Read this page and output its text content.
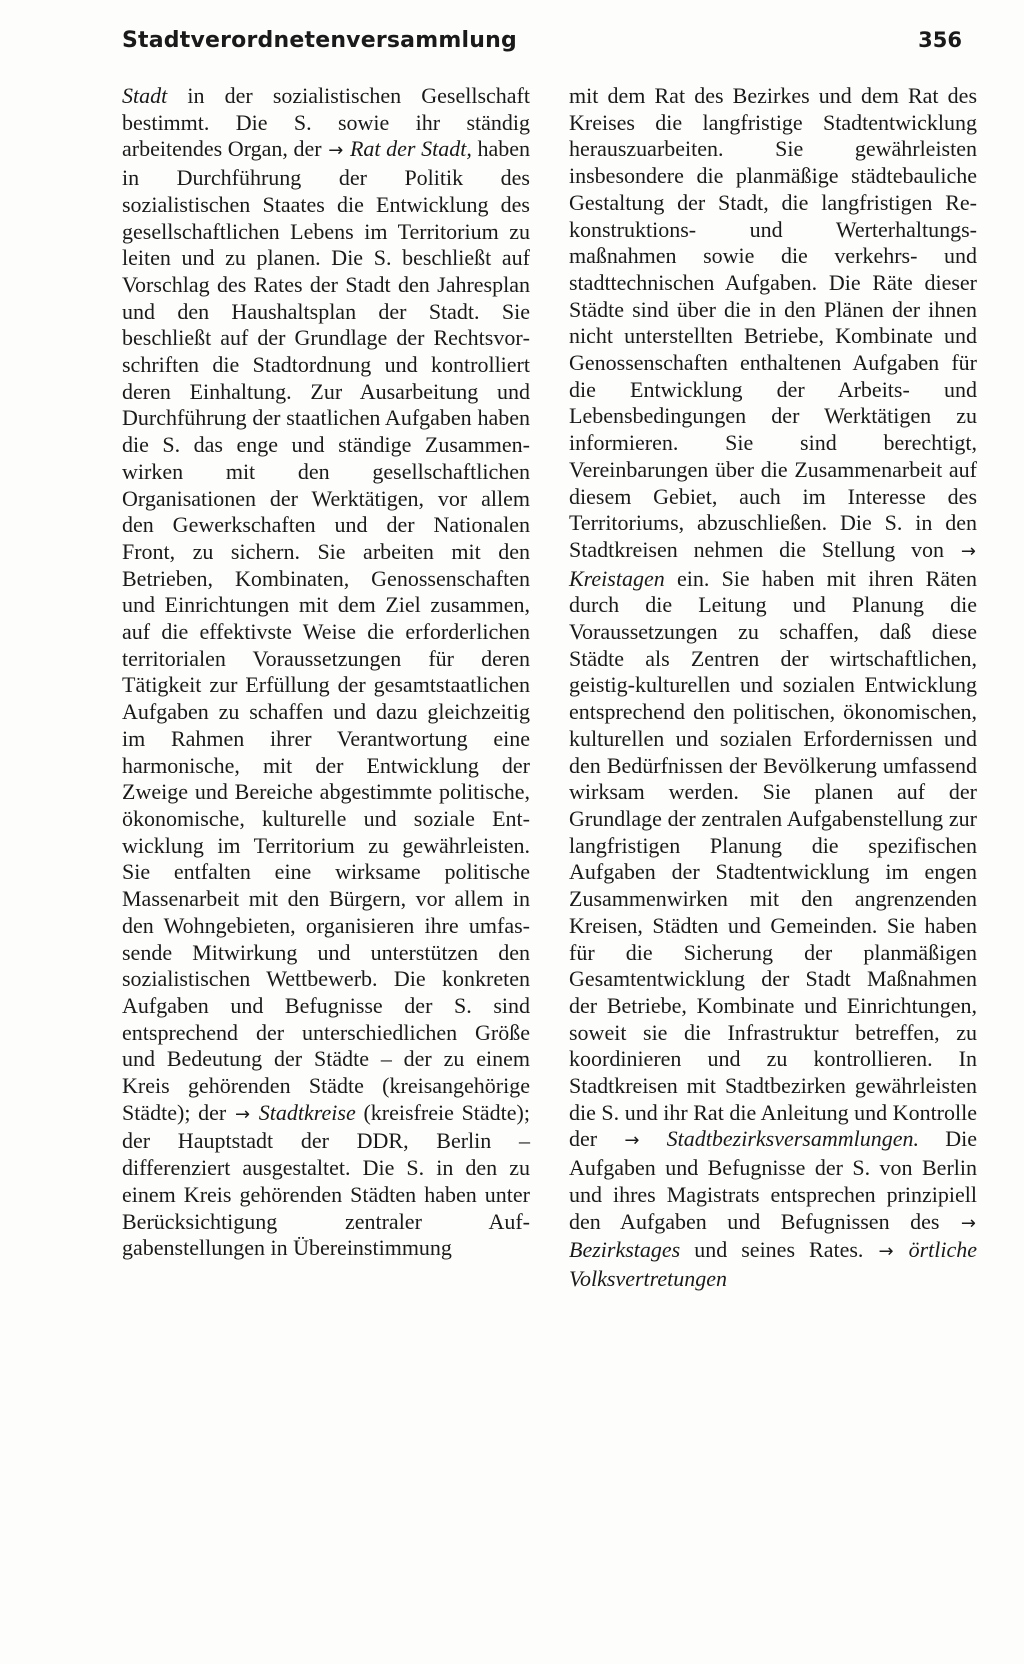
Stadtverordnetenversammlung	356

Stadt in der sozialistischen Gesellschaft bestimmt. Die S. sowie ihr ständig arbeitendes Organ, der → Rat der Stadt, haben in Durchführung der Politik des sozialistischen Staates die Entwicklung des gesellschaftlichen Lebens im Territorium zu leiten und zu planen. Die S. beschließt auf Vorschlag des Rates der Stadt den Jahresplan und den Haushaltsplan der Stadt. Sie beschließt auf der Grundlage der Rechtsvorschriften die Stadtordnung und kontrolliert deren Einhaltung. Zur Ausarbeitung und Durchführung der staatlichen Aufgaben haben die S. das enge und ständige Zusammenwirken mit den gesellschaftlichen Organisationen der Werktätigen, vor allem den Gewerkschaften und der Nationalen Front, zu sichern. Sie arbeiten mit den Betrieben, Kombinaten, Genossenschaften und Einrichtungen mit dem Ziel zusammen, auf die effektivste Weise die erforderlichen territorialen Voraussetzungen für deren Tätigkeit zur Erfüllung der gesamtstaatlichen Aufgaben zu schaffen und dazu gleichzeitig im Rahmen ihrer Verantwortung eine harmonische, mit der Entwicklung der Zweige und Bereiche abgestimmte politische, ökonomische, kulturelle und soziale Entwicklung im Territorium zu gewährleisten. Sie entfalten eine wirksame politische Massenarbeit mit den Bürgern, vor allem in den Wohngebieten, organisieren ihre umfassende Mitwirkung und unterstützen den sozialistischen Wettbewerb. Die konkreten Aufgaben und Befugnisse der S. sind entsprechend der unterschiedlichen Größe und Bedeutung der Städte – der zu einem Kreis gehörenden Städte (kreisangehörige Städte); der → Stadtkreise (kreisfreie Städte); der Hauptstadt der DDR, Berlin – differenziert ausgestaltet. Die S. in den zu einem Kreis gehörenden Städten haben unter Berücksichtigung zentraler Aufgabenstellungen in Übereinstimmung

mit dem Rat des Bezirkes und dem Rat des Kreises die langfristige Stadtentwicklung herauszuarbeiten. Sie gewährleisten insbesondere die planmäßige städtebauliche Gestaltung der Stadt, die langfristigen Rekonstruktions- und Werterhaltungsmaßnahmen sowie die verkehrs- und stadttechnischen Aufgaben. Die Räte dieser Städte sind über die in den Plänen der ihnen nicht unterstellten Betriebe, Kombinate und Genossenschaften enthaltenen Aufgaben für die Entwicklung der Arbeits- und Lebensbedingungen der Werktätigen zu informieren. Sie sind berechtigt, Vereinbarungen über die Zusammenarbeit auf diesem Gebiet, auch im Interesse des Territoriums, abzuschließen. Die S. in den Stadtkreisen nehmen die Stellung von → Kreistagen ein. Sie haben mit ihren Räten durch die Leitung und Planung die Voraussetzungen zu schaffen, daß diese Städte als Zentren der wirtschaftlichen, geistig-kulturellen und sozialen Entwicklung entsprechend den politischen, ökonomischen, kulturellen und sozialen Erfordernissen und den Bedürfnissen der Bevölkerung umfassend wirksam werden. Sie planen auf der Grundlage der zentralen Aufgabenstellung zur langfristigen Planung die spezifischen Aufgaben der Stadtentwicklung im engen Zusammenwirken mit den angrenzenden Kreisen, Städten und Gemeinden. Sie haben für die Sicherung der planmäßigen Gesamtentwicklung der Stadt Maßnahmen der Betriebe, Kombinate und Einrichtungen, soweit sie die Infrastruktur betreffen, zu koordinieren und zu kontrollieren. In Stadtkreisen mit Stadtbezirken gewährleisten die S. und ihr Rat die Anleitung und Kontrolle der → Stadtbezirksversammlungen. Die Aufgaben und Befugnisse der S. von Berlin und ihres Magistrats entsprechen prinzipiell den Aufgaben und Befugnissen des → Bezirkstages und seines Rates. → örtliche Volksvertretungen
